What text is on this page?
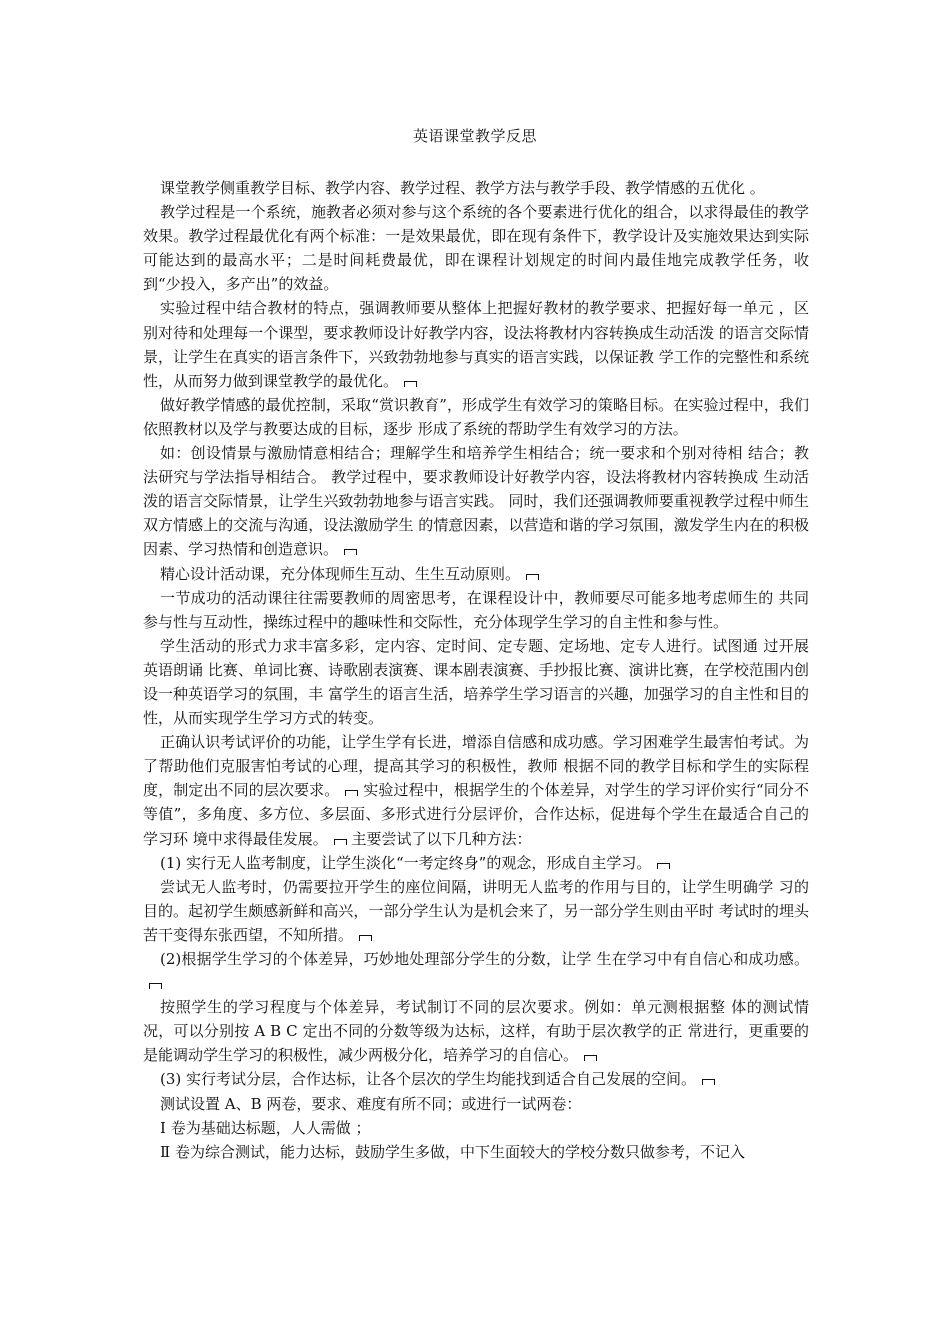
英语课堂教学反思

课堂教学侧重教学目标、教学内容、教学过程、教学方法与教学手段、教学情感的五优化 。

教学过程是一个系统，施教者必须对参与这个系统的各个要素进行优化的组合，以求得最佳的教学效果。教学过程最优化有两个标准：一是效果最优，即在现有条件下，教学设计及实施效果达到实际可能达到的最高水平；二是时间耗费最优，即在课程计划规定的时间内最佳地完成教学任务，收到“少投入，多产出”的效益。

实验过程中结合教材的特点，强调教师要从整体上把握好教材的教学要求、把握好每一单元 ，区别对待和处理每一个课型，要求教师设计好教学内容，设法将教材内容转换成生动活泼 的语言交际情景，让学生在真实的语言条件下，兴致勃勃地参与真实的语言实践，以保证教 学工作的完整性和系统性，从而努力做到课堂教学的最优化。

做好教学情感的最优控制，采取“赏识教育”，形成学生有效学习的策略目标。在实验过程中，我们依照教材以及学与教要达成的目标，逐步 形成了系统的帮助学生有效学习的方法。

如：创设情景与激励情意相结合；理解学生和培养学生相结合；统一要求和个别对待相 结合；教法研究与学法指导相结合。 教学过程中，要求教师设计好教学内容，设法将教材内容转换成 生动活泼的语言交际情景，让学生兴致勃勃地参与语言实践。 同时，我们还强调教师要重视教学过程中师生双方情感上的交流与沟通，设法激励学生 的情意因素，以营造和谐的学习氛围，激发学生内在的积极因素、学习热情和创造意识。

精心设计活动课，充分体现师生互动、生生互动原则。

一节成功的活动课往往需要教师的周密思考，在课程设计中，教师要尽可能多地考虑师生的 共同参与性与互动性，操练过程中的趣味性和交际性，充分体现学生学习的自主性和参与性。

学生活动的形式力求丰富多彩，定内容、定时间、定专题、定场地、定专人进行。试图通 过开展英语朗诵 比赛、单词比赛、诗歌剧表演赛、课本剧表演赛、手抄报比赛、演讲比赛，在学校范围内创设一种英语学习的氛围，丰 富学生的语言生活，培养学生学习语言的兴趣，加强学习的自主性和目的性，从而实现学生学习方式的转变。

正确认识考试评价的功能，让学生学有长进，增添自信感和成功感。学习困难学生最害怕考试。为了帮助他们克服害怕考试的心理，提高其学习的积极性，教师 根据不同的教学目标和学生的实际程度，制定出不同的层次要求。 实验过程中，根据学生的个体差异，对学生的学习评价实行“同分不等值”，多角度、多方位、多层面、多形式进行分层评价，合作达标，促进每个学生在最适合自己的学习环 境中求得最佳发展。 主要尝试了以下几种方法：

(1) 实行无人监考制度，让学生淡化“一考定终身”的观念，形成自主学习。

尝试无人监考时，仍需要拉开学生的座位间隔，讲明无人监考的作用与目的，让学生明确学 习的目的。起初学生颇感新鲜和高兴，一部分学生认为是机会来了，另一部分学生则由平时 考试时的埋头苦干变得东张西望，不知所措。

(2)根据学生学习的个体差异，巧妙地处理部分学生的分数，让学 生在学习中有自信心和成功感。

按照学生的学习程度与个体差异，考试制订不同的层次要求。例如：单元测根据整 体的测试情况，可以分别按 A B C 定出不同的分数等级为达标，这样，有助于层次教学的正 常进行，更重要的是能调动学生学习的积极性，减少两极分化，培养学习的自信心。

(3) 实行考试分层，合作达标，让各个层次的学生均能找到适合自己发展的空间。

测试设置 A、B 两卷，要求、难度有所不同；或进行一试两卷：

Ⅰ 卷为基础达标题，人人需做 ；

Ⅱ 卷为综合测试，能力达标，鼓励学生多做，中下生面较大的学校分数只做参考，不记入
